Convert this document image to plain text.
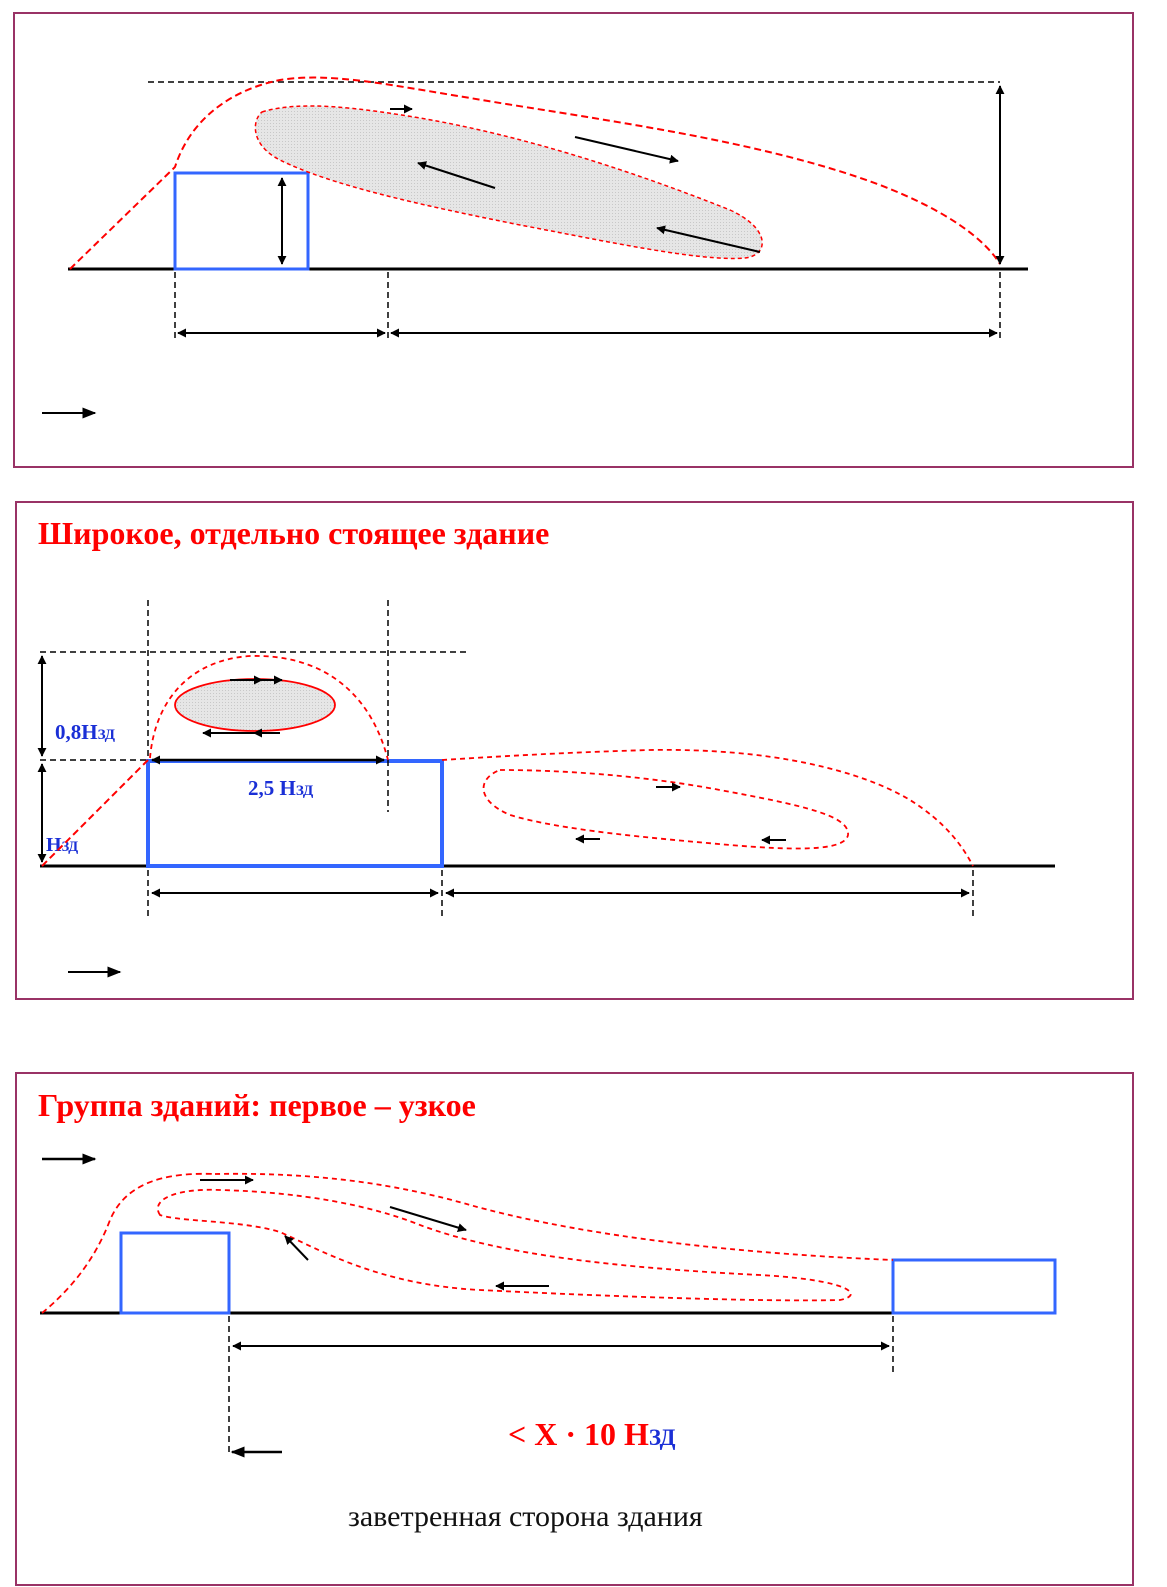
Широкое, отдельно стоящее здание
Группа зданий: первое – узкое
0,8HЗД
2,5 HЗД
HЗД
< X · 10 HЗД
заветренная сторона здания
